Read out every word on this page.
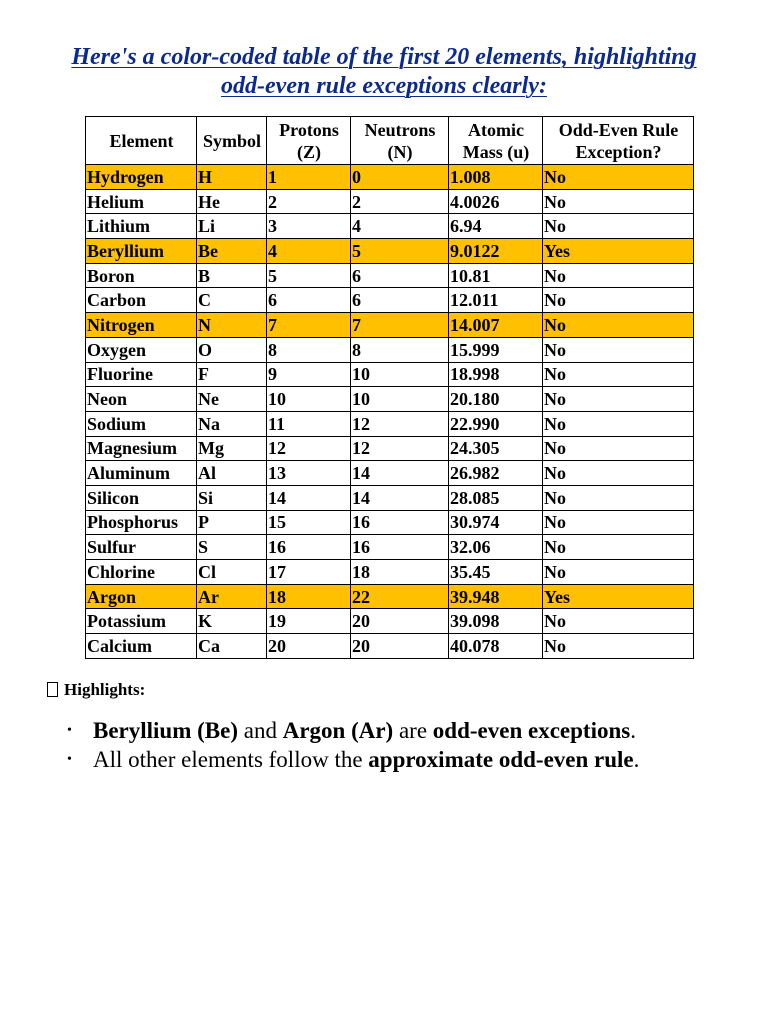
Here's a color-coded table of the first 20 elements, highlighting
odd-even rule exceptions clearly:
Element	Symbol	Protons (Z)	Neutrons (N)	Atomic Mass (u)	Odd-Even Rule Exception?
Hydrogen	H	1	0	1.008	No
Helium	He	2	2	4.0026	No
Lithium	Li	3	4	6.94	No
Beryllium	Be	4	5	9.0122	Yes
Boron	B	5	6	10.81	No
Carbon	C	6	6	12.011	No
Nitrogen	N	7	7	14.007	No
Oxygen	O	8	8	15.999	No
Fluorine	F	9	10	18.998	No
Neon	Ne	10	10	20.180	No
Sodium	Na	11	12	22.990	No
Magnesium	Mg	12	12	24.305	No
Aluminum	Al	13	14	26.982	No
Silicon	Si	14	14	28.085	No
Phosphorus	P	15	16	30.974	No
Sulfur	S	16	16	32.06	No
Chlorine	Cl	17	18	35.45	No
Argon	Ar	18	22	39.948	Yes
Potassium	K	19	20	39.098	No
Calcium	Ca	20	20	40.078	No

Highlights:

• Beryllium (Be) and Argon (Ar) are odd-even exceptions.
• All other elements follow the approximate odd-even rule.
